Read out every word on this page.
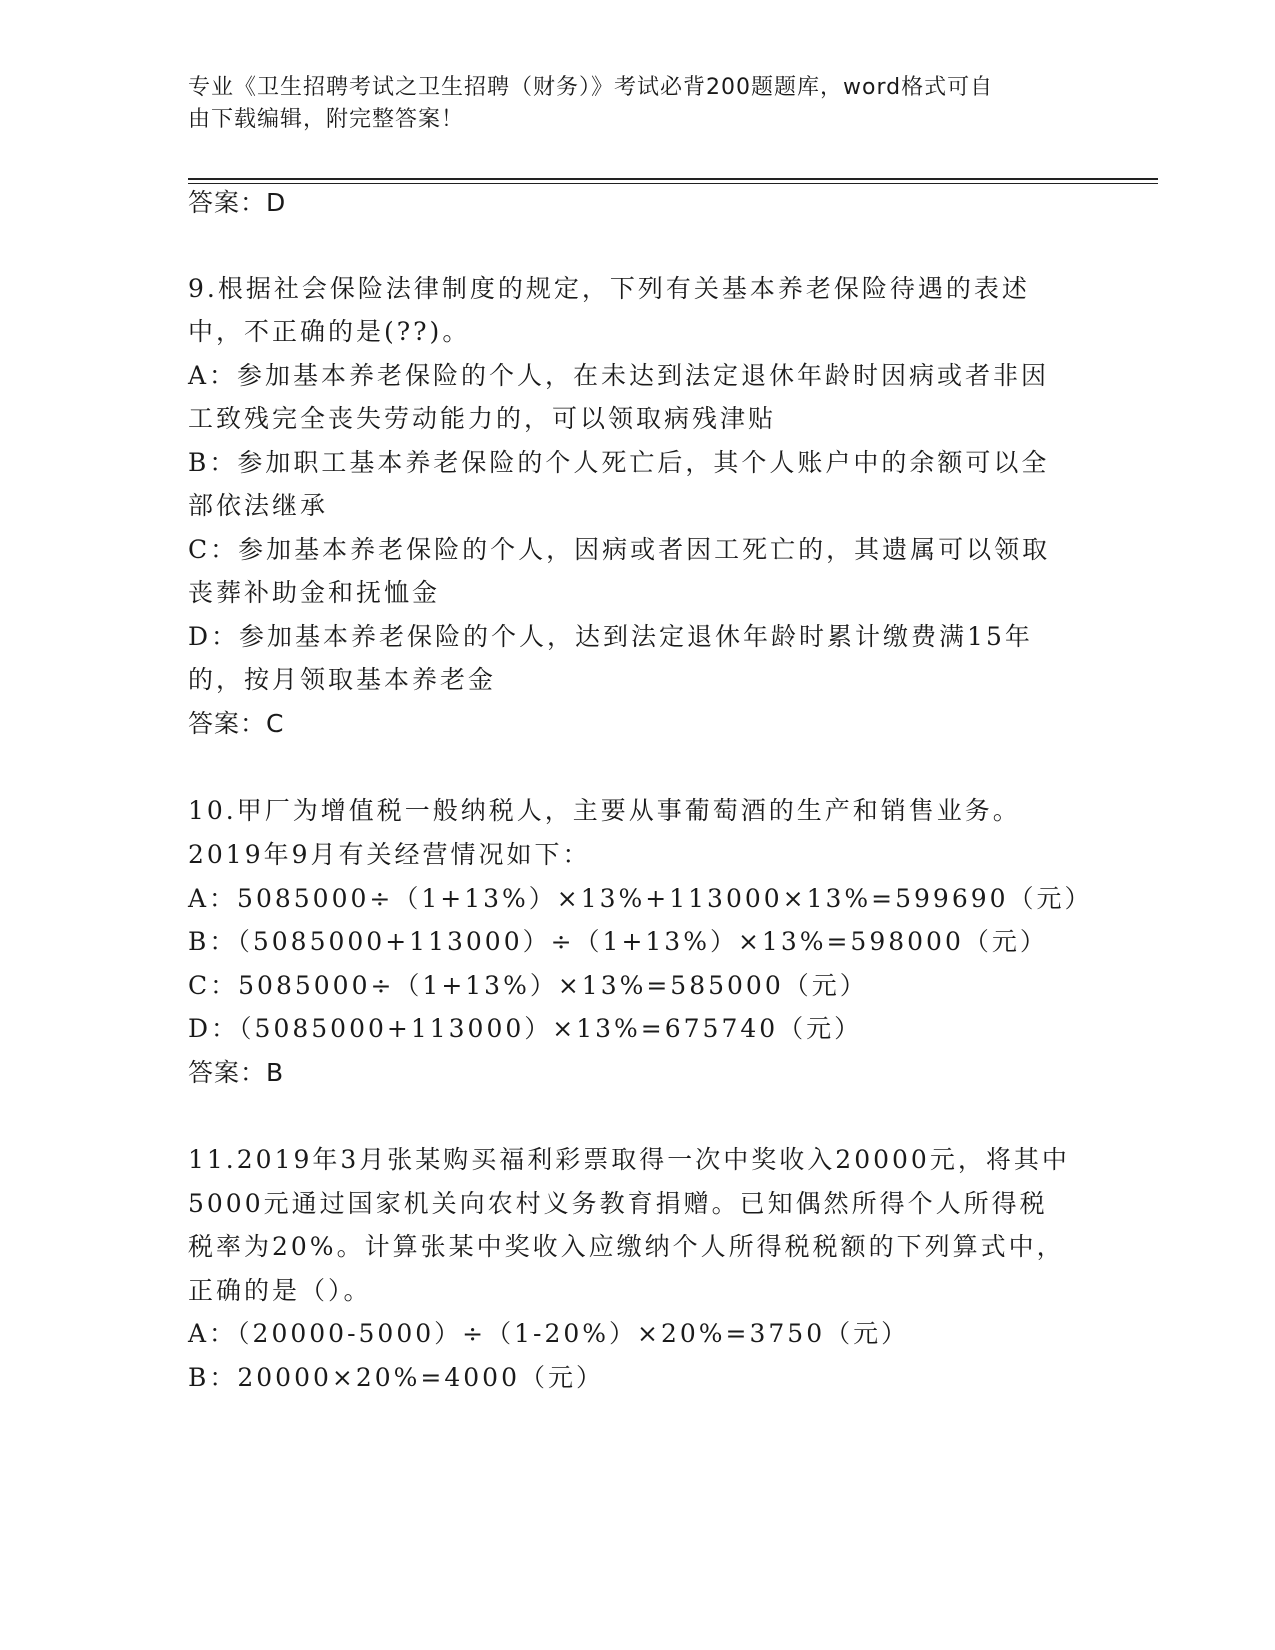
专业《卫生招聘考试之卫生招聘（财务）》考试必背200题题库，word格式可自
由下载编辑，附完整答案！
答案：D
9.根据社会保险法律制度的规定，下列有关基本养老保险待遇的表述
中，不正确的是(??)。
A：参加基本养老保险的个人，在未达到法定退休年龄时因病或者非因
工致残完全丧失劳动能力的，可以领取病残津贴
B：参加职工基本养老保险的个人死亡后，其个人账户中的余额可以全
部依法继承
C：参加基本养老保险的个人，因病或者因工死亡的，其遗属可以领取
丧葬补助金和抚恤金
D：参加基本养老保险的个人，达到法定退休年龄时累计缴费满15年
的，按月领取基本养老金
答案：C
10.甲厂为增值税一般纳税人，主要从事葡萄酒的生产和销售业务。
2019年9月有关经营情况如下：
A：5085000÷（1+13%）×13%+113000×13%=599690（元）
B：（5085000+113000）÷（1+13%）×13%=598000（元）
C：5085000÷（1+13%）×13%=585000（元）
D：（5085000+113000）×13%=675740（元）
答案：B
11.2019年3月张某购买福利彩票取得一次中奖收入20000元，将其中
5000元通过国家机关向农村义务教育捐赠。已知偶然所得个人所得税
税率为20%。计算张某中奖收入应缴纳个人所得税税额的下列算式中，
正确的是（）。
A：（20000-5000）÷（1-20%）×20%=3750（元）
B：20000×20%=4000（元）
